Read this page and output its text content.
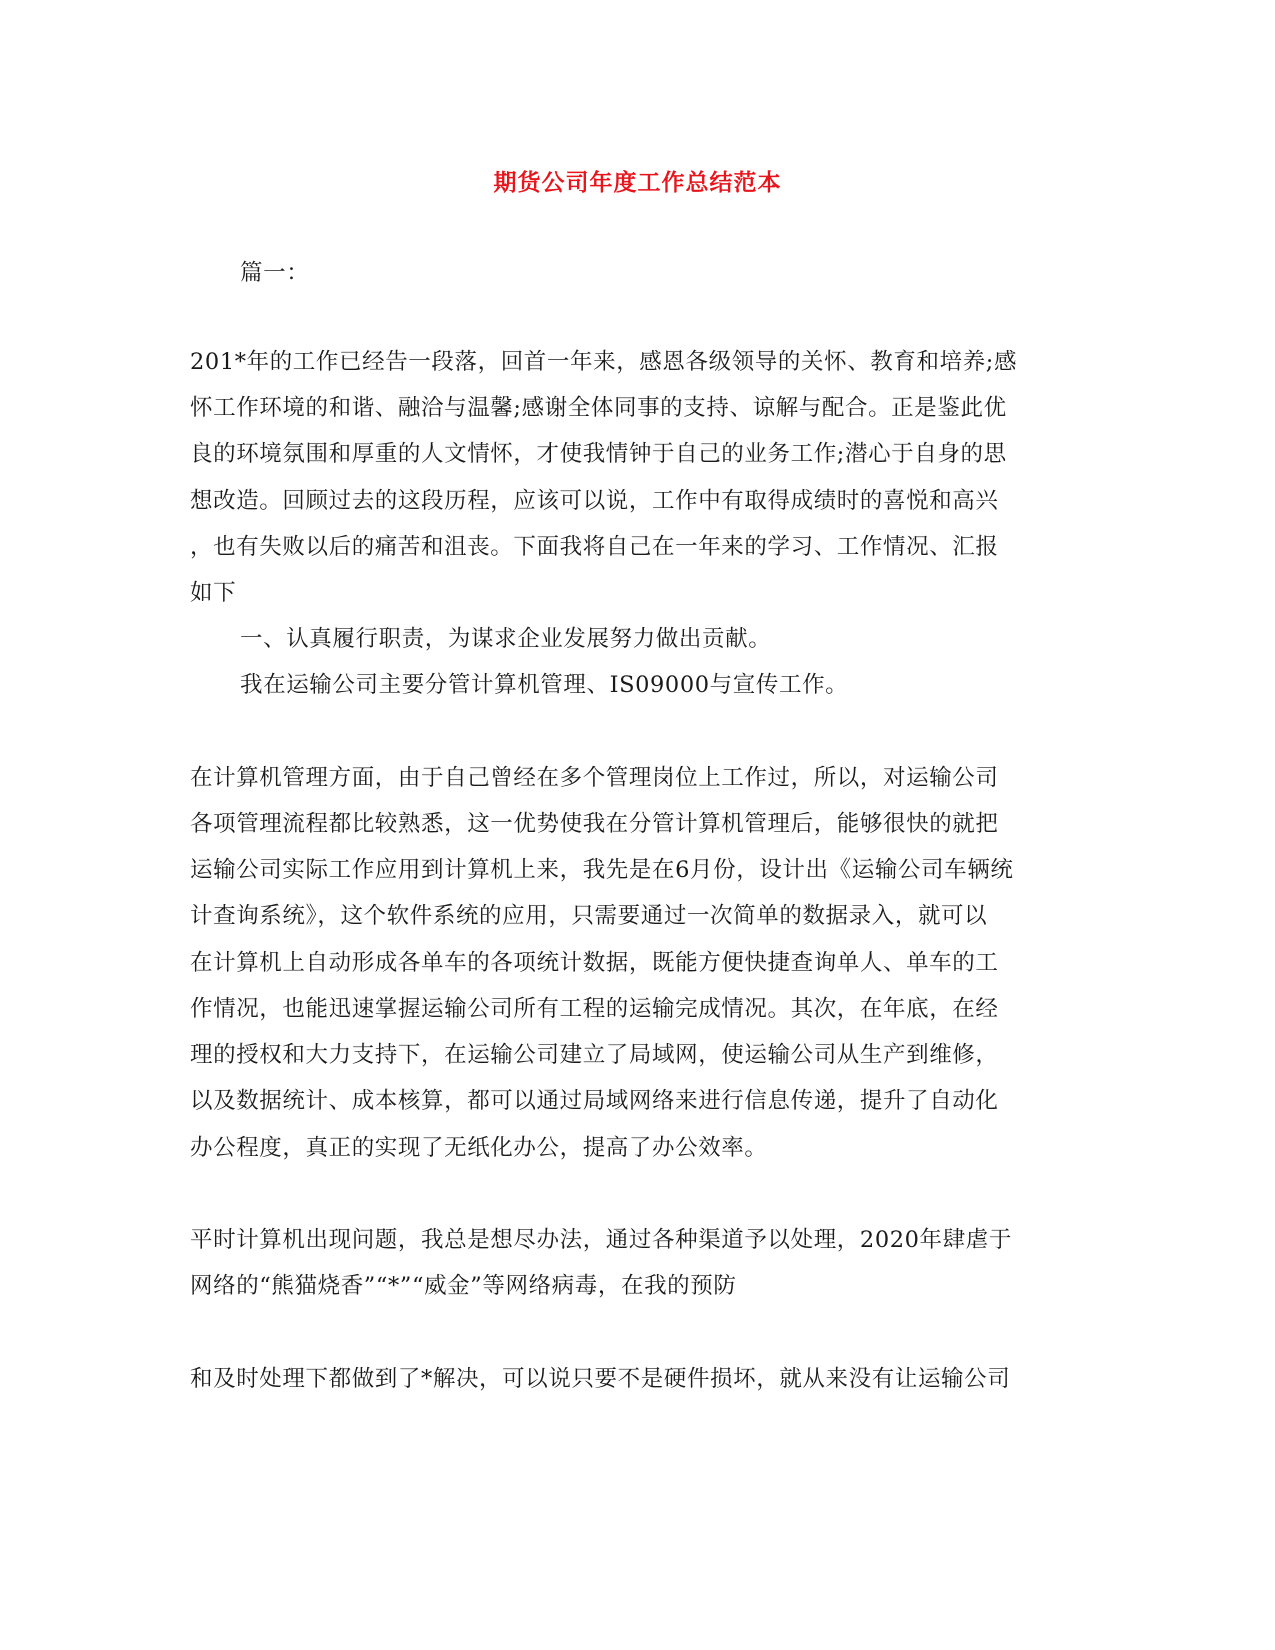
期货公司年度工作总结范本
篇一：
201*年的工作已经告一段落，回首一年来，感恩各级领导的关怀、教育和培养;感
怀工作环境的和谐、融洽与温馨;感谢全体同事的支持、谅解与配合。正是鉴此优
良的环境氛围和厚重的人文情怀，才使我情钟于自己的业务工作;潜心于自身的思
想改造。回顾过去的这段历程，应该可以说，工作中有取得成绩时的喜悦和高兴
，也有失败以后的痛苦和沮丧。下面我将自己在一年来的学习、工作情况、汇报
如下
一、认真履行职责，为谋求企业发展努力做出贡献。
我在运输公司主要分管计算机管理、IS09000与宣传工作。
在计算机管理方面，由于自己曾经在多个管理岗位上工作过，所以，对运输公司
各项管理流程都比较熟悉，这一优势使我在分管计算机管理后，能够很快的就把
运输公司实际工作应用到计算机上来，我先是在6月份，设计出《运输公司车辆统
计查询系统》，这个软件系统的应用，只需要通过一次简单的数据录入，就可以
在计算机上自动形成各单车的各项统计数据，既能方便快捷查询单人、单车的工
作情况，也能迅速掌握运输公司所有工程的运输完成情况。其次，在年底，在经
理的授权和大力支持下，在运输公司建立了局域网，使运输公司从生产到维修，
以及数据统计、成本核算，都可以通过局域网络来进行信息传递，提升了自动化
办公程度，真正的实现了无纸化办公，提高了办公效率。
平时计算机出现问题，我总是想尽办法，通过各种渠道予以处理，2020年肆虐于
网络的“熊猫烧香”“*”“威金”等网络病毒，在我的预防
和及时处理下都做到了*解决，可以说只要不是硬件损坏，就从来没有让运输公司
